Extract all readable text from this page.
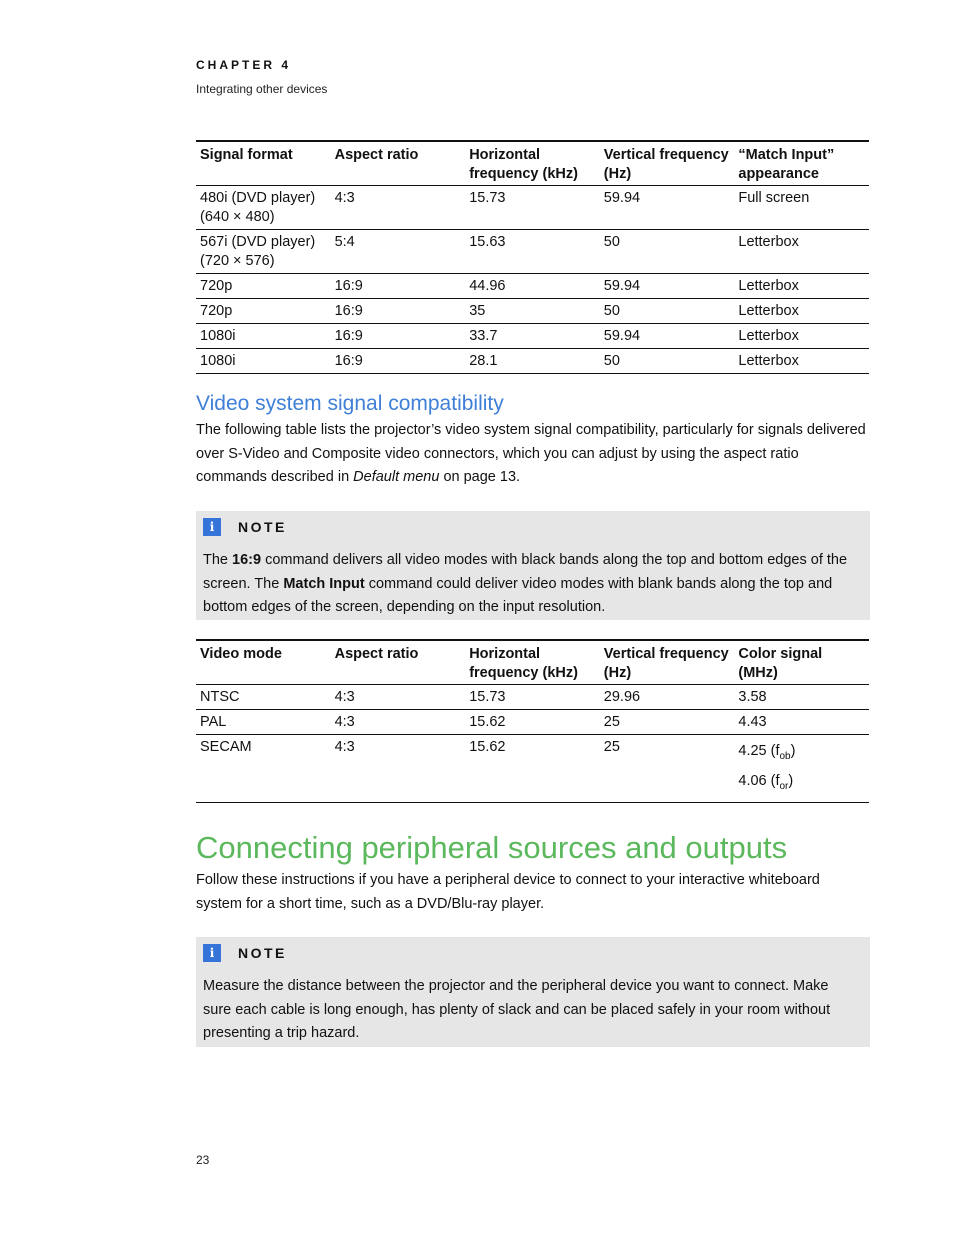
CHAPTER 4
Integrating other devices
Signal format	Aspect ratio	Horizontal frequency (kHz)	Vertical frequency (Hz)	“Match Input” appearance
480i (DVD player) (640 × 480)	4:3	15.73	59.94	Full screen
567i (DVD player) (720 × 576)	5:4	15.63	50	Letterbox
720p	16:9	44.96	59.94	Letterbox
720p	16:9	35	50	Letterbox
1080i	16:9	33.7	59.94	Letterbox
1080i	16:9	28.1	50	Letterbox
Video system signal compatibility
The following table lists the projector’s video system signal compatibility, particularly for signals delivered over S-Video and Composite video connectors, which you can adjust by using the aspect ratio commands described in Default menu on page 13.
i	NOTE
The 16:9 command delivers all video modes with black bands along the top and bottom edges of the screen. The Match Input command could deliver video modes with blank bands along the top and bottom edges of the screen, depending on the input resolution.
Video mode	Aspect ratio	Horizontal frequency (kHz)	Vertical frequency (Hz)	Color signal (MHz)
NTSC	4:3	15.73	29.96	3.58
PAL	4:3	15.62	25	4.43
SECAM	4:3	15.62	25	4.25 $(f_{ob})$
4.06 $(f_{or})$
Connecting peripheral sources and outputs
Follow these instructions if you have a peripheral device to connect to your interactive whiteboard system for a short time, such as a DVD/Blu-ray player.
i	NOTE
Measure the distance between the projector and the peripheral device you want to connect. Make sure each cable is long enough, has plenty of slack and can be placed safely in your room without presenting a trip hazard.
23
